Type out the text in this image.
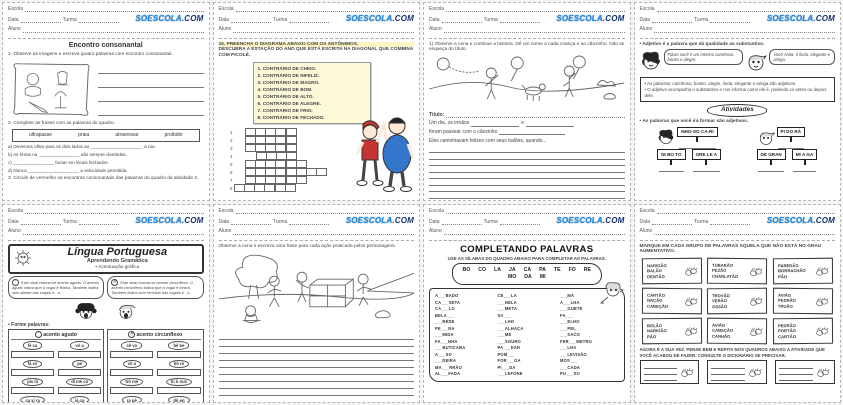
Escola
Data	Turma	SOESCOLA.COM
Aluno
Encontro consonantal
1. Observe as imagens e escreva quatro palavras com encontro consonantal.
2. Complete as frases com as palavras do quadro.
ultrapasse	praia	atravessar	proibido
a) Devemos olhar para os dois lados ao ____________________, a rua.
b) As férias na ________________ são sempre divertidas.
c) ________________ fumar em locais fechados.
d) Nunca ____________________ a velocidade permitida.
3. Circule de vermelho os encontros consonantais das palavras do quadro da atividade 2.
Escola
Data	Turma	SOESCOLA.COM
Aluno
15. PREENCHA O DIAGRAMA ABAIXO COM OS ANTÔNIMOS.
DESCUBRA A ESTAÇÃO DO ANO QUE ESTÁ ESCRITA NA DIAGONAL QUE COMBINA COM PICOLÉ.
1. CONTRÁRIO DE CHEIO.
2. CONTRÁRIO DE INFELIZ.
3. CONTRÁRIO DE MAGRO.
4. CONTRÁRIO DE BOM.
5. CONTRÁRIO DE ALTO.
6. CONTRÁRIO DE ALEGRE.
7. CONTRÁRIO DE FRIO.
8. CONTRÁRIO DE FECHADO.
1
2
3
4
5
6
7
8
Escola
Data	Turma	SOESCOLA.COM
Aluno
1) Observe a cena e continue a história. Dê um nome a cada criança e ao cãozinho. Não se esqueça do título.
Título:
Um dia, os irmãos	e
foram passear com o cãozinho
Eles caminhavam felizes com seus balões, quando...
Escola
Data	Turma	SOESCOLA.COM
Aluno
• Adjetivo é a palavra que dá qualidade ao substantivo.
Flávio você é um menino carinhoso, bonito e alegre.
Você Anita, é linda, elegante e amiga.
• As palavras: carinhoso, bonito, alegre, linda, elegante e amiga são adjetivos.
• O adjetivo acompanha o substantivo e nos informa como ele é, podendo vir antes ou depois dele.
Atividades
• As palavras que você irá formar são adjetivos.
NHO-SO CA-RI
NI BO TO	GRE LE A
PI DO RÁ
DE GRAN	MI A GA
Escola
Data	Turma	SOESCOLA.COM
Aluno
Língua Portuguesa
Aprendendo Gramática
• Acentuação gráfica
´ Este sinal chama-se acento agudo. O acento agudo indica que a vogal é tônica. Também indica som aberto nas vogais e - o.
^ Este sinal chama-se acento circunflexo. O acento circunflexo indica que a vogal é tônica. Também indica som fechado nas vogais e - o.
• Forme palavras:
´ acento agudo
fé ca	vó a
fá so	pé
pis lá	di mé co
ca xí ra	já cu
^ acento circunflexo
cê vo	bê be
vô a	bô ro
trô me	bi ô nus
ra pê	dô en
Escola
Data	Turma	SOESCOLA.COM
Aluno
Observe a cena e escreva uma frase para cada ação praticada pelos personagens.
Escola
Data	Turma	SOESCOLA.COM
Aluno
COMPLETANDO PALAVRAS
USE AS SÍLABAS DO QUADRO ABAIXO PARA COMPLETAR AS PALAVRAS.
BO CO LA JA CA PA TE FO RE
MO DA MI
A___BADO
CA___SETA
CA___LO
BELA___
___REDE
PE___NA
___MIDA
FA___NHA
___BUTICABA
A___SO
___DEIRA
MA___RRÃO
AL___FADA
CE___LA
___NELA
___META
SA___
___LHO
___ALHAÇA
___ME
___SOURO
PA___DAR
POM___
FOR___GA
PI___DA
___LEFONE
___MA
A___LHA
___GUETE
FA___
___ELHO
___PEL
___SACO
FER___METRO
___LHA
___LEVISÃO
MOS___
___CADA
PU___SO
Escola
Data	Turma	SOESCOLA.COM
Aluno
MARQUE EM CADA GRUPO DE PALAVRAS AQUELA QUE NÃO ESTÁ NO GRAU AUMENTATIVO.
NARIGÃO
BALÃO
DENTÃO
TUBARÃO
PEZÃO
CHARLATÃO
PAREDÃO
BORRACHÃO
PÃO
CARTÃO
NAÇÃO
CABEÇÃO
TROVÃO
VERÃO
OSSÃO
AVIÃO
PEDRÃO
TRUÃO
BOLÃO
NARIGÃO
PÃO
AVIÃO
CABEÇÃO
CANHÃO
PEDRÃO
PORTÃO
CARTÃO
AGORA É A SUA VEZ. PENSE BEM E REPITA NOS QUADROS ABAIXO A ATIVIDADE QUE VOCÊ ACABOU DE FAZER. CONSULTE O DICIONÁRIO SE PRECISAR.
